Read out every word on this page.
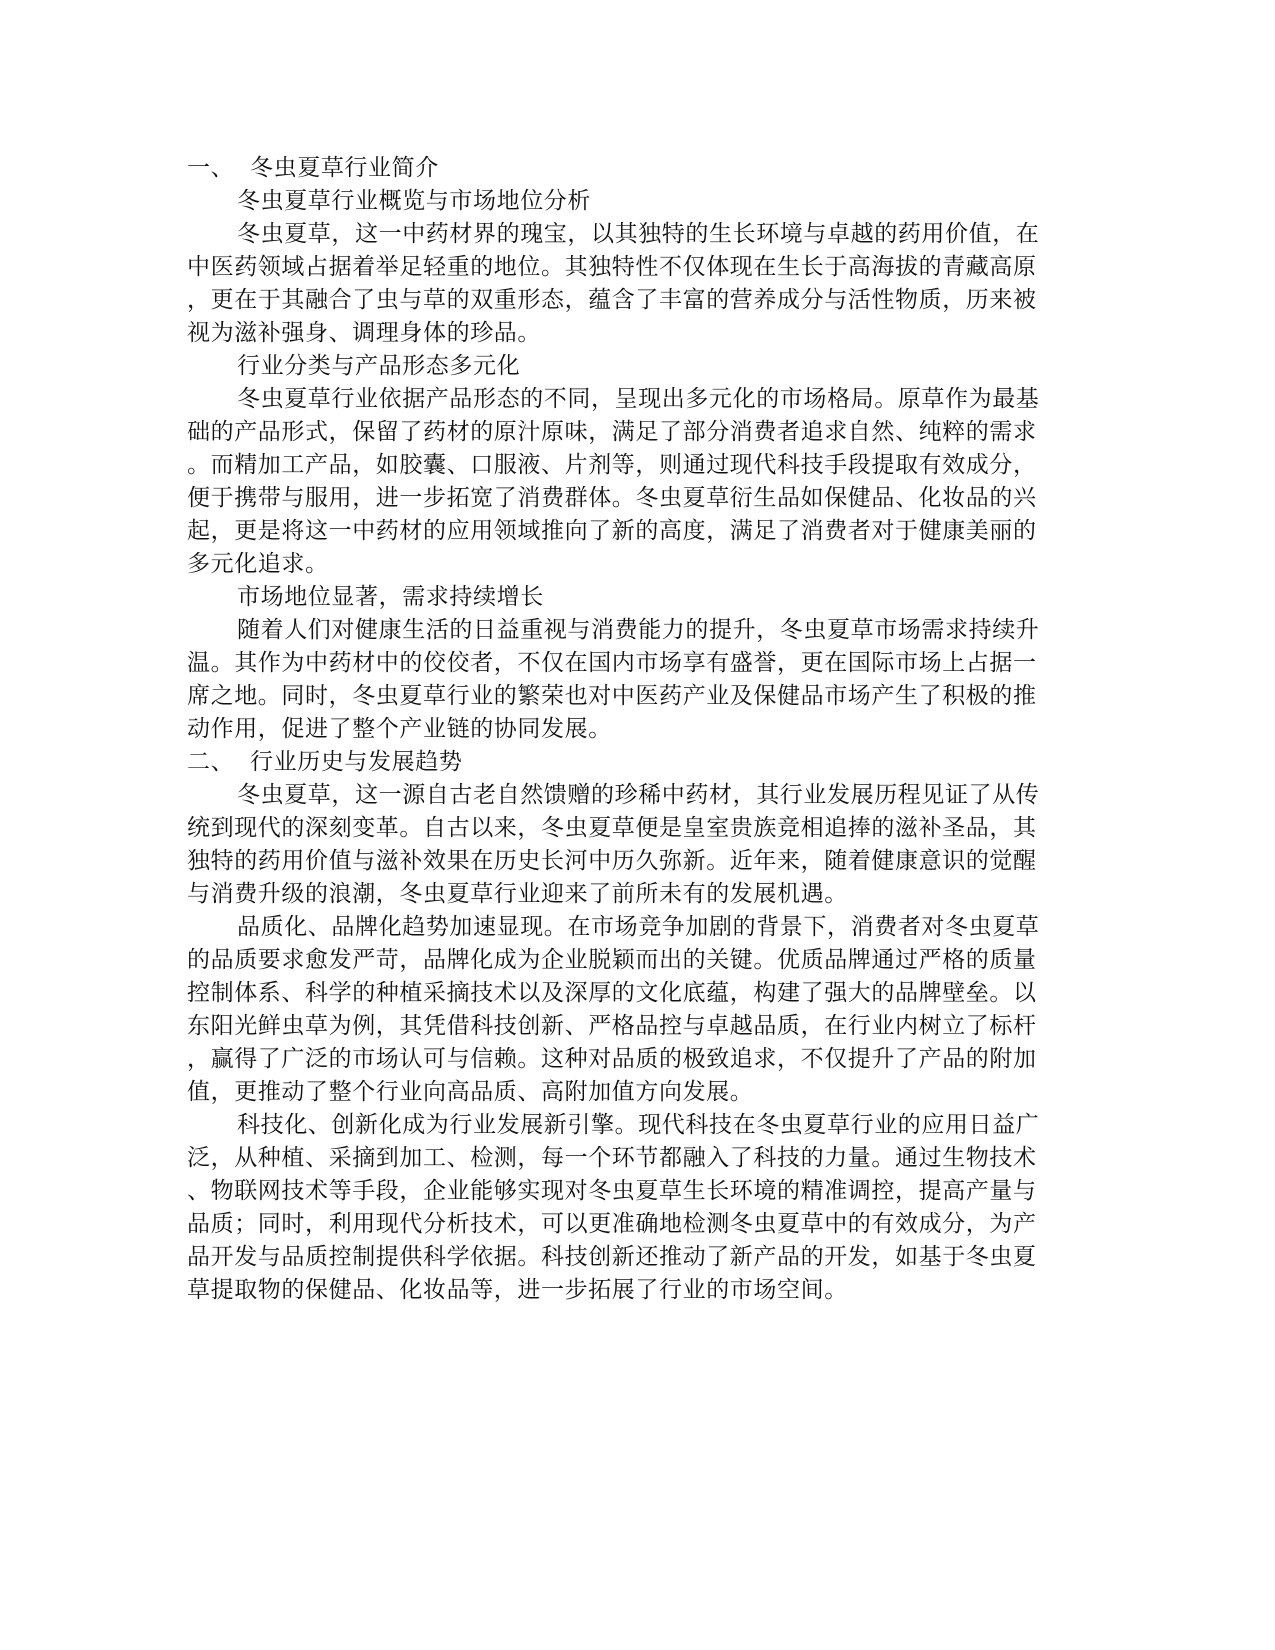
一、  冬虫夏草行业简介
冬虫夏草行业概览与市场地位分析
冬虫夏草，这一中药材界的瑰宝，以其独特的生长环境与卓越的药用价值，在
中医药领域占据着举足轻重的地位。其独特性不仅体现在生长于高海拔的青藏高原
，更在于其融合了虫与草的双重形态，蕴含了丰富的营养成分与活性物质，历来被
视为滋补强身、调理身体的珍品。
行业分类与产品形态多元化
冬虫夏草行业依据产品形态的不同，呈现出多元化的市场格局。原草作为最基
础的产品形式，保留了药材的原汁原味，满足了部分消费者追求自然、纯粹的需求
。而精加工产品，如胶囊、口服液、片剂等，则通过现代科技手段提取有效成分，
便于携带与服用，进一步拓宽了消费群体。冬虫夏草衍生品如保健品、化妆品的兴
起，更是将这一中药材的应用领域推向了新的高度，满足了消费者对于健康美丽的
多元化追求。
市场地位显著，需求持续增长
随着人们对健康生活的日益重视与消费能力的提升，冬虫夏草市场需求持续升
温。其作为中药材中的佼佼者，不仅在国内市场享有盛誉，更在国际市场上占据一
席之地。同时，冬虫夏草行业的繁荣也对中医药产业及保健品市场产生了积极的推
动作用，促进了整个产业链的协同发展。
二、  行业历史与发展趋势
冬虫夏草，这一源自古老自然馈赠的珍稀中药材，其行业发展历程见证了从传
统到现代的深刻变革。自古以来，冬虫夏草便是皇室贵族竞相追捧的滋补圣品，其
独特的药用价值与滋补效果在历史长河中历久弥新。近年来，随着健康意识的觉醒
与消费升级的浪潮，冬虫夏草行业迎来了前所未有的发展机遇。
品质化、品牌化趋势加速显现。在市场竞争加剧的背景下，消费者对冬虫夏草
的品质要求愈发严苛，品牌化成为企业脱颖而出的关键。优质品牌通过严格的质量
控制体系、科学的种植采摘技术以及深厚的文化底蕴，构建了强大的品牌壁垒。以
东阳光鲜虫草为例，其凭借科技创新、严格品控与卓越品质，在行业内树立了标杆
，赢得了广泛的市场认可与信赖。这种对品质的极致追求，不仅提升了产品的附加
值，更推动了整个行业向高品质、高附加值方向发展。
科技化、创新化成为行业发展新引擎。现代科技在冬虫夏草行业的应用日益广
泛，从种植、采摘到加工、检测，每一个环节都融入了科技的力量。通过生物技术
、物联网技术等手段，企业能够实现对冬虫夏草生长环境的精准调控，提高产量与
品质；同时，利用现代分析技术，可以更准确地检测冬虫夏草中的有效成分，为产
品开发与品质控制提供科学依据。科技创新还推动了新产品的开发，如基于冬虫夏
草提取物的保健品、化妆品等，进一步拓展了行业的市场空间。
